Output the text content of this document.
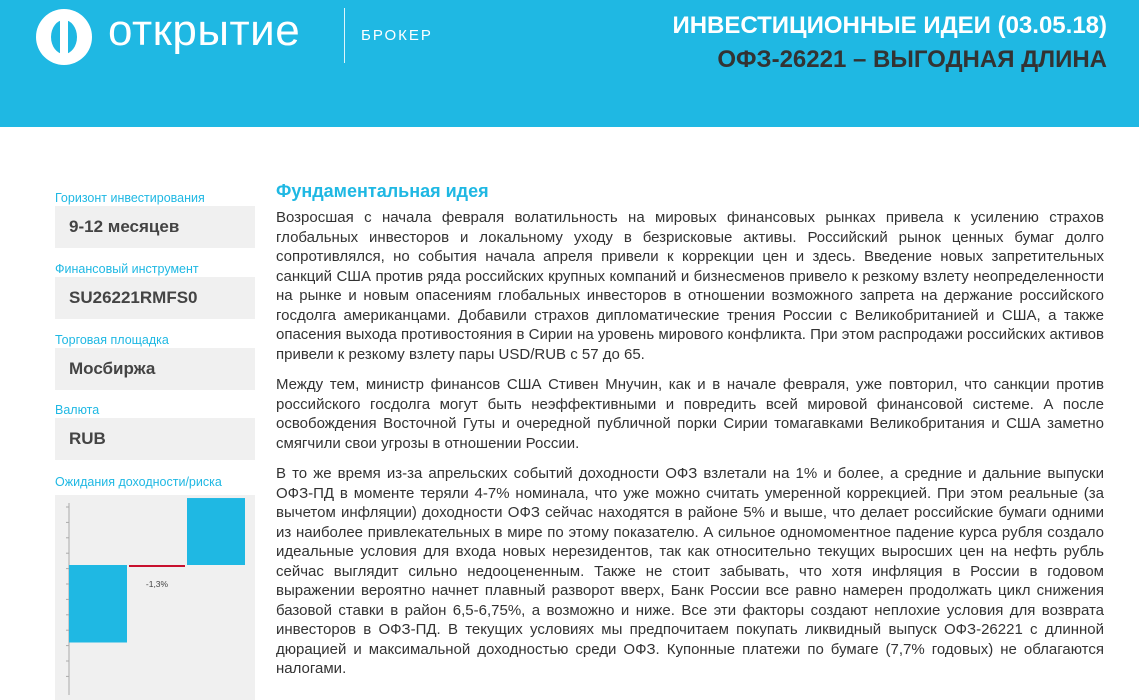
открытие	БРОКЕР	ИНВЕСТИЦИОННЫЕ ИДЕИ (03.05.18)
ОФЗ-26221 – ВЫГОДНАЯ ДЛИНА
Горизонт инвестирования
9-12 месяцев
Финансовый инструмент
SU26221RMFS0
Торговая площадка
Мосбиржа
Валюта
RUB
Ожидания доходности/риска
-1,3%
Фундаментальная идея

Возросшая с начала февраля волатильность на мировых финансовых рынках привела к усилению страхов глобальных инвесторов и локальному уходу в безрисковые активы. Российский рынок ценных бумаг долго сопротивлялся, но события начала апреля привели к коррекции цен и здесь. Введение новых запретительных санкций США против ряда российских крупных компаний и бизнесменов привело к резкому взлету неопределенности на рынке и новым опасениям глобальных инвесторов в отношении возможного запрета на держание российского госдолга американцами. Добавили страхов дипломатические трения России с Великобританией и США, а также опасения выхода противостояния в Сирии на уровень мирового конфликта. При этом распродажи российских активов привели к резкому взлету пары USD/RUB с 57 до 65.

Между тем, министр финансов США Стивен Мнучин, как и в начале февраля, уже повторил, что санкции против российского госдолга могут быть неэффективными и повредить всей мировой финансовой системе. А после освобождения Восточной Гуты и очередной публичной порки Сирии томагавками Великобритания и США заметно смягчили свои угрозы в отношении России.

В то же время из-за апрельских событий доходности ОФЗ взлетали на 1% и более, а средние и дальние выпуски ОФЗ-ПД в моменте теряли 4-7% номинала, что уже можно считать умеренной коррекцией. При этом реальные (за вычетом инфляции) доходности ОФЗ сейчас находятся в районе 5% и выше, что делает российские бумаги одними из наиболее привлекательных в мире по этому показателю. А сильное одномоментное падение курса рубля создало идеальные условия для входа новых нерезидентов, так как относительно текущих выросших цен на нефть рубль сейчас выглядит сильно недооцененным. Также не стоит забывать, что хотя инфляция в России в годовом выражении вероятно начнет плавный разворот вверх, Банк России все равно намерен продолжать цикл снижения базовой ставки в район 6,5-6,75%, а возможно и ниже. Все эти факторы создают неплохие условия для возврата инвесторов в ОФЗ-ПД. В текущих условиях мы предпочитаем покупать ликвидный выпуск ОФЗ-26221 с длинной дюрацией и максимальной доходностью среди ОФЗ. Купонные платежи по бумаге (7,7% годовых) не облагаются налогами.
